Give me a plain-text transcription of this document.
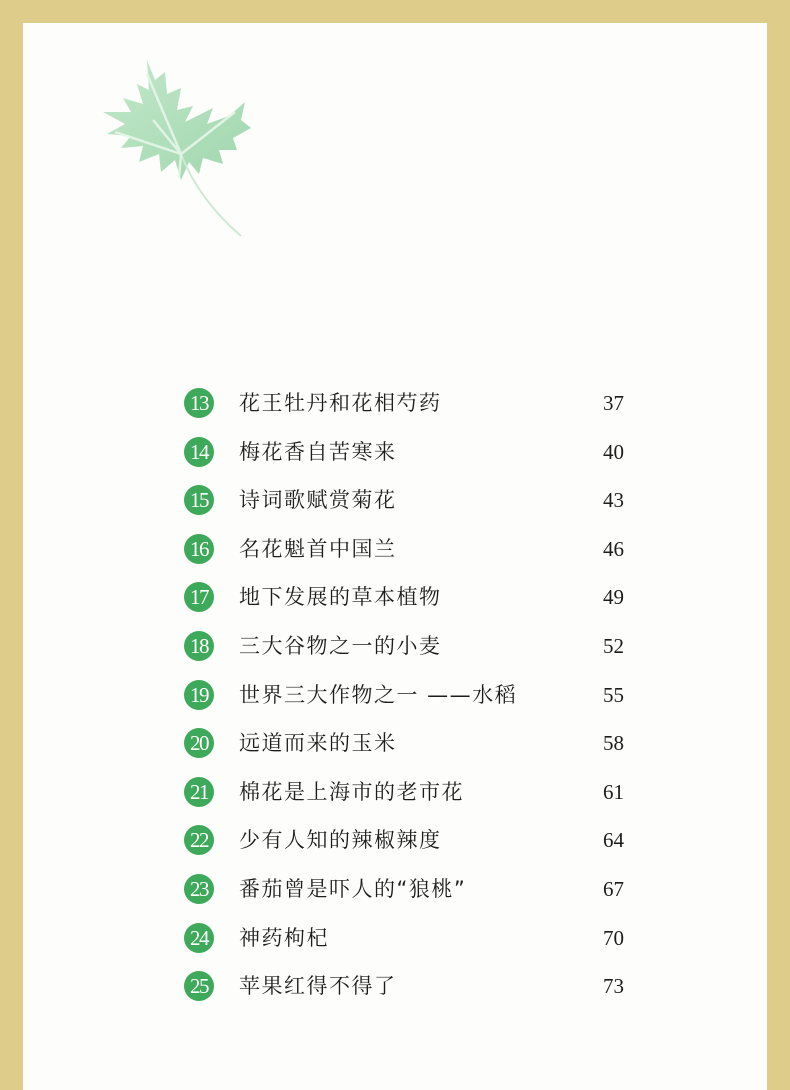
13 花王牡丹和花相芍药	37
14 梅花香自苦寒来	40
15 诗词歌赋赏菊花	43
16 名花魁首中国兰	46
17 地下发展的草本植物	49
18 三大谷物之一的小麦	52
19 世界三大作物之一 ——水稻	55
20 远道而来的玉米	58
21 棉花是上海市的老市花	61
22 少有人知的辣椒辣度	64
23 番茄曾是吓人的“狼桃”	67
24 神药枸杞	70
25 苹果红得不得了	73
